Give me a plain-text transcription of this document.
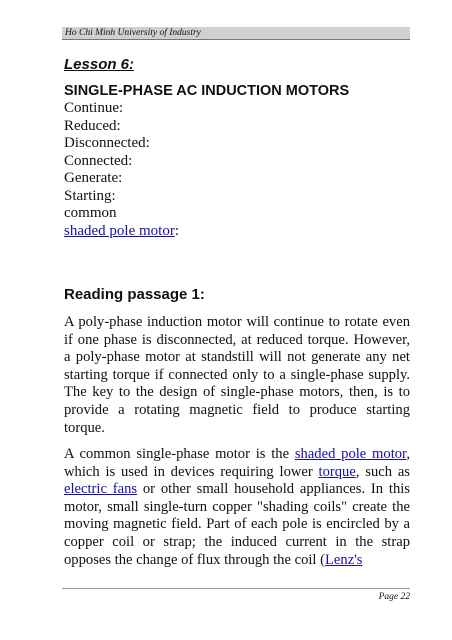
Ho Chi Minh University of Industry
Lesson 6:
SINGLE-PHASE AC INDUCTION MOTORS
Continue:
Reduced:
Disconnected:
Connected:
Generate:
Starting:
common
shaded pole motor:
Reading passage 1:

A poly-phase induction motor will continue to rotate even if one phase is disconnected, at reduced torque. However, a poly-phase motor at standstill will not generate any net starting torque if connected only to a single-phase supply. The key to the design of single-phase motors, then, is to provide a rotating magnetic field to produce starting torque.

A common single-phase motor is the shaded pole motor, which is used in devices requiring lower torque, such as electric fans or other small household appliances. In this motor, small single-turn copper "shading coils" create the moving magnetic field. Part of each pole is encircled by a copper coil or strap; the induced current in the strap opposes the change of flux through the coil (Lenz's

Page 22
